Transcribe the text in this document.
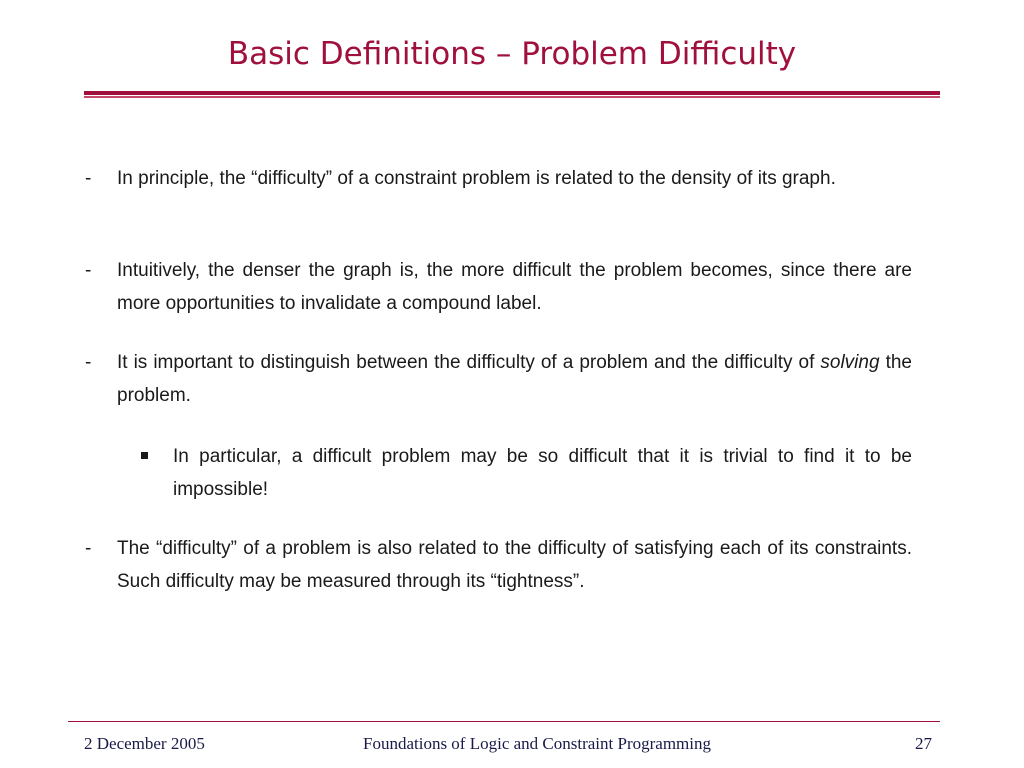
Basic Definitions – Problem Difficulty
-	In principle, the “difficulty” of a constraint problem is related to the density of its graph.
-	Intuitively, the denser the graph is, the more difficult the problem becomes, since there are more opportunities to invalidate a compound label.
-	It is important to distinguish between the difficulty of a problem and the difficulty of solving the problem.
In particular, a difficult problem may be so difficult that it is trivial to find it to be impossible!
-	The “difficulty” of a problem is also related to the difficulty of satisfying each of its constraints. Such difficulty may be measured through its “tightness”.
2 December 2005	Foundations of Logic and Constraint Programming	27
